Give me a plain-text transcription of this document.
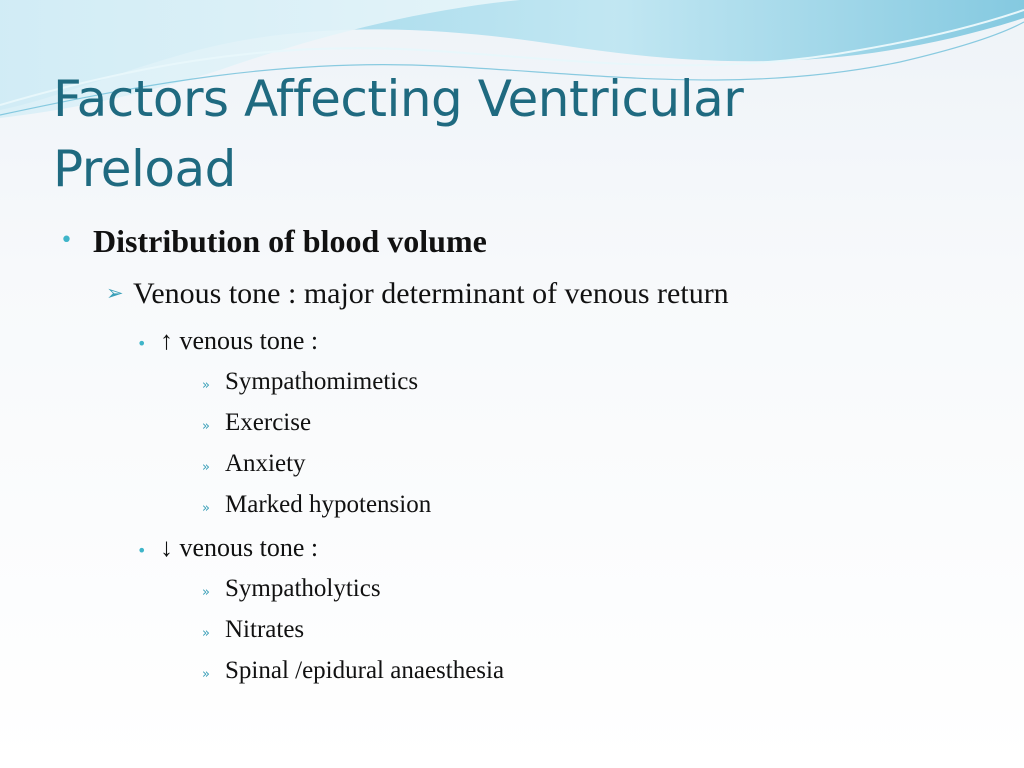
Factors Affecting Ventricular
Preload
• Distribution of blood volume
➢ Venous tone : major determinant of venous return
• ↑ venous tone :
» Sympathomimetics
» Exercise
» Anxiety
» Marked hypotension
• ↓ venous tone :
» Sympatholytics
» Nitrates
» Spinal /epidural anaesthesia
